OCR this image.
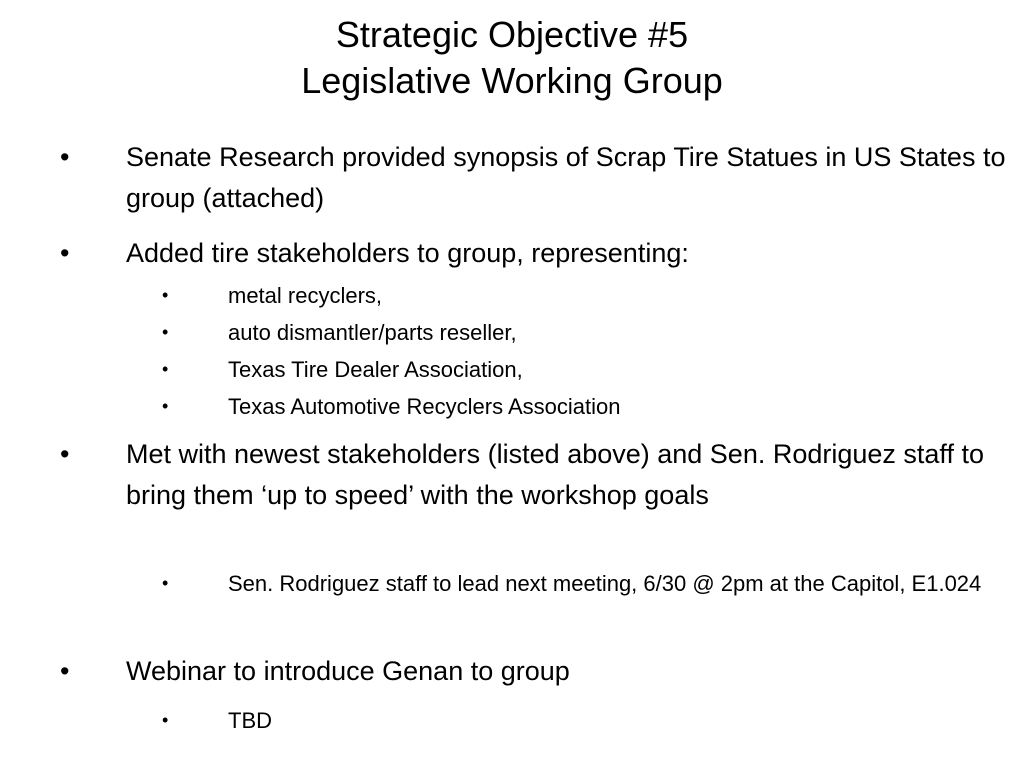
Strategic Objective #5
Legislative Working Group
• Senate Research provided synopsis of Scrap Tire Statues in US States to group (attached)
• Added tire stakeholders to group, representing:
•	metal recyclers,
•	auto dismantler/parts reseller,
•	Texas Tire Dealer Association,
•	Texas Automotive Recyclers Association
• Met with newest stakeholders (listed above) and Sen. Rodriguez staff to bring them ‘up to speed’ with the workshop goals
•	Sen. Rodriguez staff to lead next meeting, 6/30 @ 2pm at the Capitol, E1.024
• Webinar to introduce Genan to group
•	TBD
